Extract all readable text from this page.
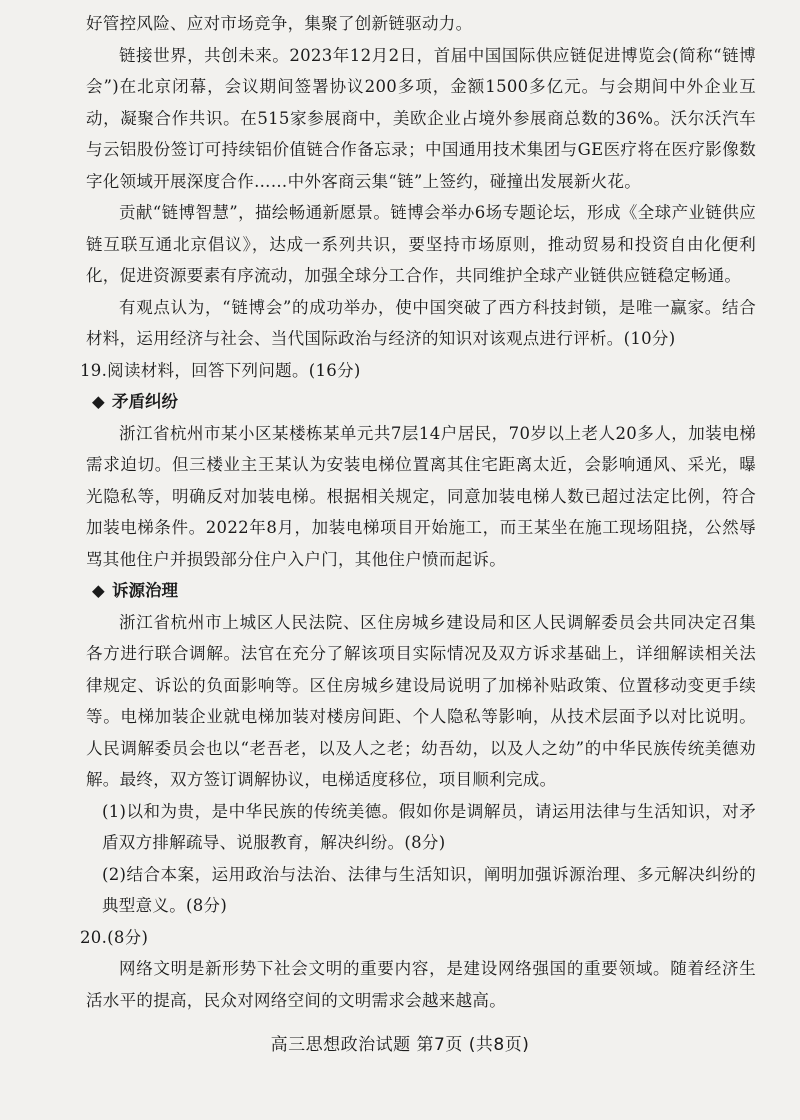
好管控风险、应对市场竞争，集聚了创新链驱动力。

链接世界，共创未来。2023年12月2日，首届中国国际供应链促进博览会(简称“链博会”)在北京闭幕，会议期间签署协议200多项，金额1500多亿元。与会期间中外企业互动，凝聚合作共识。在515家参展商中，美欧企业占境外参展商总数的36%。沃尔沃汽车与云铝股份签订可持续铝价值链合作备忘录；中国通用技术集团与GE医疗将在医疗影像数字化领域开展深度合作……中外客商云集“链”上签约，碰撞出发展新火花。

贡献“链博智慧”，描绘畅通新愿景。链博会举办6场专题论坛，形成《全球产业链供应链互联互通北京倡议》，达成一系列共识，要坚持市场原则，推动贸易和投资自由化便利化，促进资源要素有序流动，加强全球分工合作，共同维护全球产业链供应链稳定畅通。

有观点认为，“链博会”的成功举办，使中国突破了西方科技封锁，是唯一赢家。结合材料，运用经济与社会、当代国际政治与经济的知识对该观点进行评析。(10分)

19.阅读材料，回答下列问题。(16分)

◆ 矛盾纠纷

浙江省杭州市某小区某楼栋某单元共7层14户居民，70岁以上老人20多人，加装电梯需求迫切。但三楼业主王某认为安装电梯位置离其住宅距离太近，会影响通风、采光，曝光隐私等，明确反对加装电梯。根据相关规定，同意加装电梯人数已超过法定比例，符合加装电梯条件。2022年8月，加装电梯项目开始施工，而王某坐在施工现场阻挠，公然辱骂其他住户并损毁部分住户入户门，其他住户愤而起诉。

◆ 诉源治理

浙江省杭州市上城区人民法院、区住房城乡建设局和区人民调解委员会共同决定召集各方进行联合调解。法官在充分了解该项目实际情况及双方诉求基础上，详细解读相关法律规定、诉讼的负面影响等。区住房城乡建设局说明了加梯补贴政策、位置移动变更手续等。电梯加装企业就电梯加装对楼房间距、个人隐私等影响，从技术层面予以对比说明。人民调解委员会也以“老吾老，以及人之老；幼吾幼，以及人之幼”的中华民族传统美德劝解。最终，双方签订调解协议，电梯适度移位，项目顺利完成。

(1)以和为贵，是中华民族的传统美德。假如你是调解员，请运用法律与生活知识，对矛盾双方排解疏导、说服教育，解决纠纷。(8分)

(2)结合本案，运用政治与法治、法律与生活知识，阐明加强诉源治理、多元解决纠纷的典型意义。(8分)

20.(8分)

网络文明是新形势下社会文明的重要内容，是建设网络强国的重要领域。随着经济生活水平的提高，民众对网络空间的文明需求会越来越高。

高三思想政治试题 第7页 (共8页)
